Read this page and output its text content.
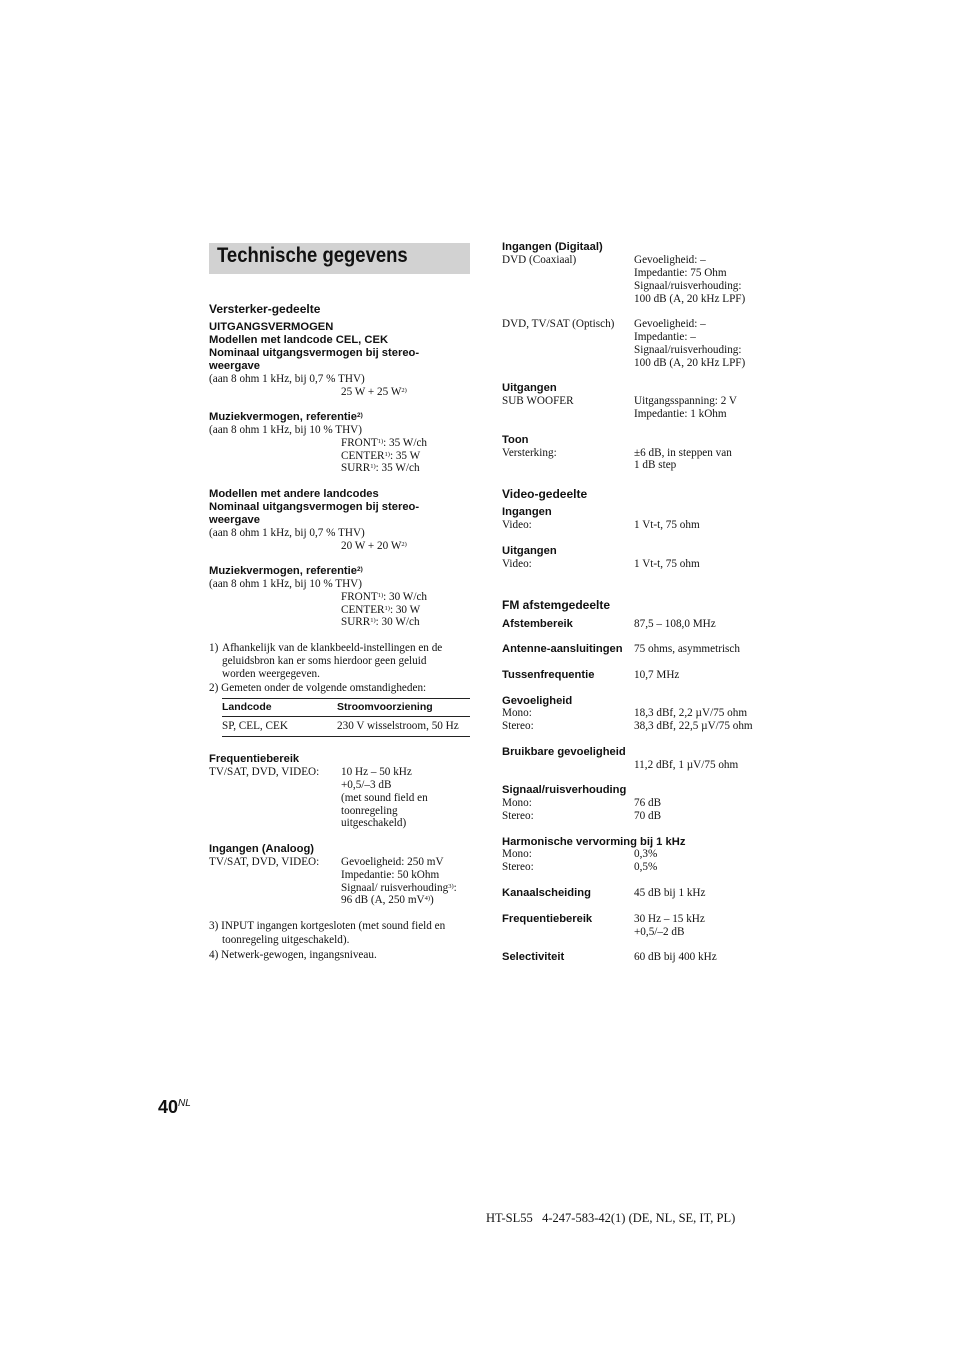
Technische gegevens
Versterker-gedeelte
UITGANGSVERMOGEN
Modellen met landcode CEL, CEK
Nominaal uitgangsvermogen bij stereo-
weergave
(aan 8 ohm 1 kHz, bij 0,7 % THV)
25 W + 25 $W^{2)}$
Muziekvermogen, referentie$^{2)}$
(aan 8 ohm 1 kHz, bij 10 % THV)
FRONT$^{1)}$: 35 W/ch
CENTER$^{1)}$: 35 W
SURR$^{1)}$: 35 W/ch
Modellen met andere landcodes
Nominaal uitgangsvermogen bij stereo-
weergave
(aan 8 ohm 1 kHz, bij 0,7 % THV)
20 W + 20 $W^{2)}$
Muziekvermogen, referentie$^{2)}$
(aan 8 ohm 1 kHz, bij 10 % THV)
FRONT$^{1)}$: 30 W/ch
CENTER$^{1)}$: 30 W
SURR$^{1)}$: 30 W/ch
1) Afhankelijk van de klankbeeld-instellingen en de
geluidsbron kan er soms hierdoor geen geluid
worden weergegeven.
2) Gemeten onder de volgende omstandigheden:
Landcode	Stroomvoorziening
SP, CEL, CEK	230 V wisselstroom, 50 Hz
Frequentiebereik
TV/SAT, DVD, VIDEO: 10 Hz – 50 kHz
+0,5/–3 dB
(met sound field en
toonregeling
uitgeschakeld)
Ingangen (Analoog)
TV/SAT, DVD, VIDEO: Gevoeligheid: 250 mV
Impedantie: 50 kOhm
Signaal/ ruisverhouding$^{3)}$:
96 dB (A, 250 $mV^{4)}$)
3) INPUT ingangen kortgesloten (met sound field en
toonregeling uitgeschakeld).
4) Netwerk-gewogen, ingangsniveau.
Ingangen (Digitaal)
DVD (Coaxiaal)	Gevoeligheid: –
Impedantie: 75 Ohm
Signaal/ruisverhouding:
100 dB (A, 20 kHz LPF)
DVD, TV/SAT (Optisch) Gevoeligheid: –
Impedantie: –
Signaal/ruisverhouding:
100 dB (A, 20 kHz LPF)
Uitgangen
SUB WOOFER	Uitgangsspanning: 2 V
Impedantie: 1 kOhm
Toon
Versterking:	±6 dB, in steppen van
1 dB step
Video-gedeelte
Ingangen
Video:	1 Vt-t, 75 ohm
Uitgangen
Video:	1 Vt-t, 75 ohm
FM afstemgedeelte
Afstembereik	87,5 – 108,0 MHz
Antenne-aansluitingen 75 ohms, asymmetrisch
Tussenfrequentie	10,7 MHz
Gevoeligheid
Mono:	18,3 dBf, 2,2 µV/75 ohm
Stereo:	38,3 dBf, 22,5 µV/75 ohm
Bruikbare gevoeligheid
11,2 dBf, 1 µV/75 ohm
Signaal/ruisverhouding
Mono:	76 dB
Stereo:	70 dB
Harmonische vervorming bij 1 kHz
Mono:	0,3%
Stereo:	0,5%
Kanaalscheiding	45 dB bij 1 kHz
Frequentiebereik	30 Hz – 15 kHz
+0,5/–2 dB
Selectiviteit	60 dB bij 400 kHz
$40^{NL}$
HT-SL55   4-247-583-42(1) (DE, NL, SE, IT, PL)
